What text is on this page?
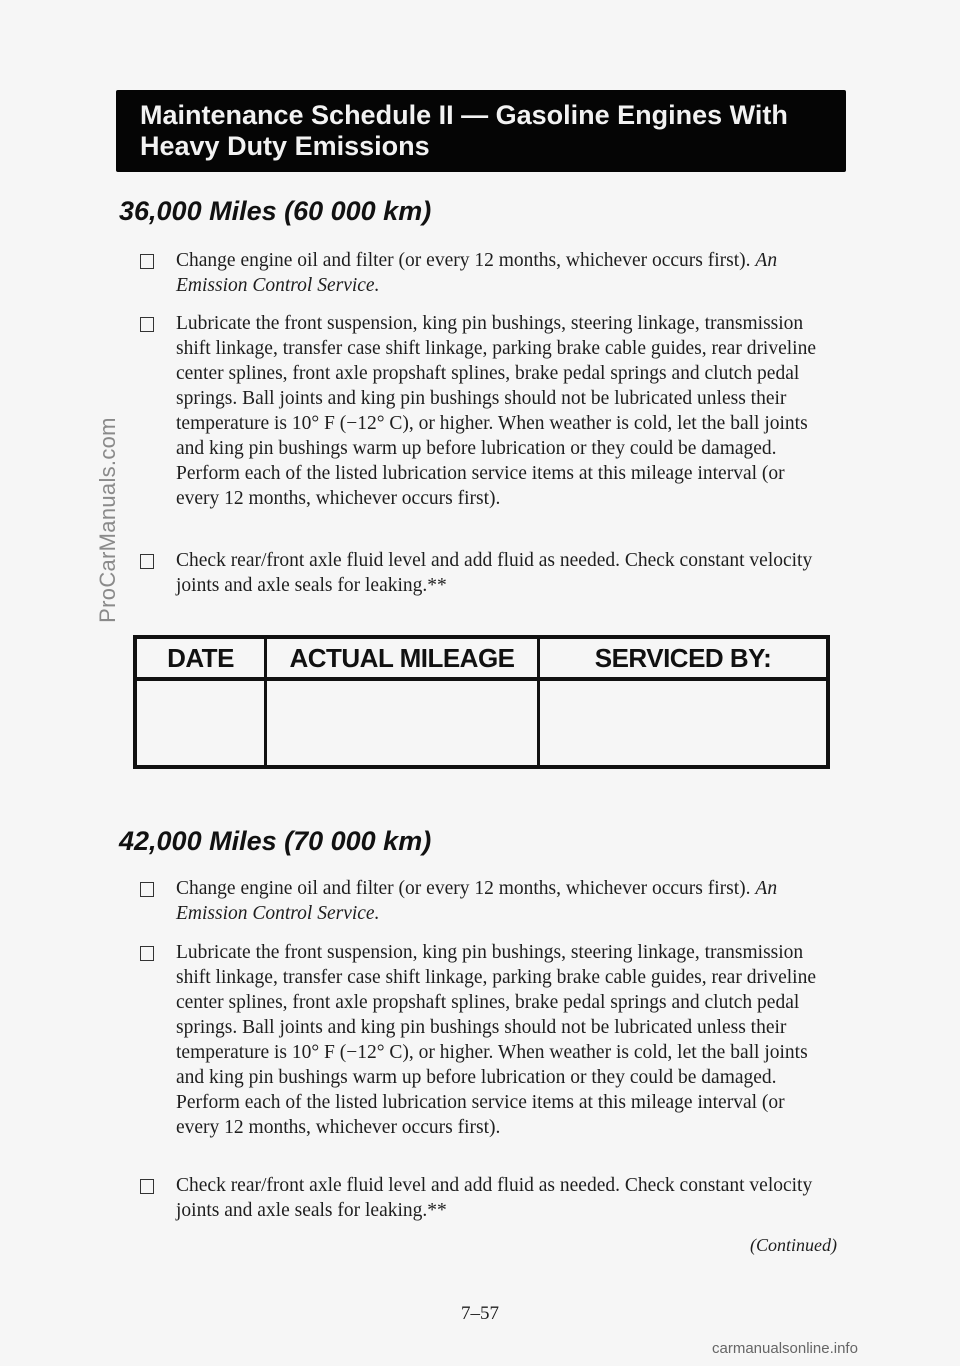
ProCarManuals.com
Maintenance Schedule II — Gasoline Engines With
Heavy Duty Emissions
36,000 Miles (60 000 km)
Change engine oil and filter (or every 12 months, whichever occurs first). An Emission Control Service.
Lubricate the front suspension, king pin bushings, steering linkage, transmission shift linkage, transfer case shift linkage, parking brake cable guides, rear driveline center splines, front axle propshaft splines, brake pedal springs and clutch pedal springs. Ball joints and king pin bushings should not be lubricated unless their temperature is 10° F (−12° C), or higher. When weather is cold, let the ball joints and king pin bushings warm up before lubrication or they could be damaged. Perform each of the listed lubrication service items at this mileage interval (or every 12 months, whichever occurs first).
Check rear/front axle fluid level and add fluid as needed. Check constant velocity joints and axle seals for leaking.**
DATE	ACTUAL MILEAGE	SERVICED BY:
42,000 Miles (70 000 km)
Change engine oil and filter (or every 12 months, whichever occurs first). An Emission Control Service.
Lubricate the front suspension, king pin bushings, steering linkage, transmission shift linkage, transfer case shift linkage, parking brake cable guides, rear driveline center splines, front axle propshaft splines, brake pedal springs and clutch pedal springs. Ball joints and king pin bushings should not be lubricated unless their temperature is 10° F (−12° C), or higher. When weather is cold, let the ball joints and king pin bushings warm up before lubrication or they could be damaged. Perform each of the listed lubrication service items at this mileage interval (or every 12 months, whichever occurs first).
Check rear/front axle fluid level and add fluid as needed. Check constant velocity joints and axle seals for leaking.**
(Continued)
7–57
carmanualsonline.info
